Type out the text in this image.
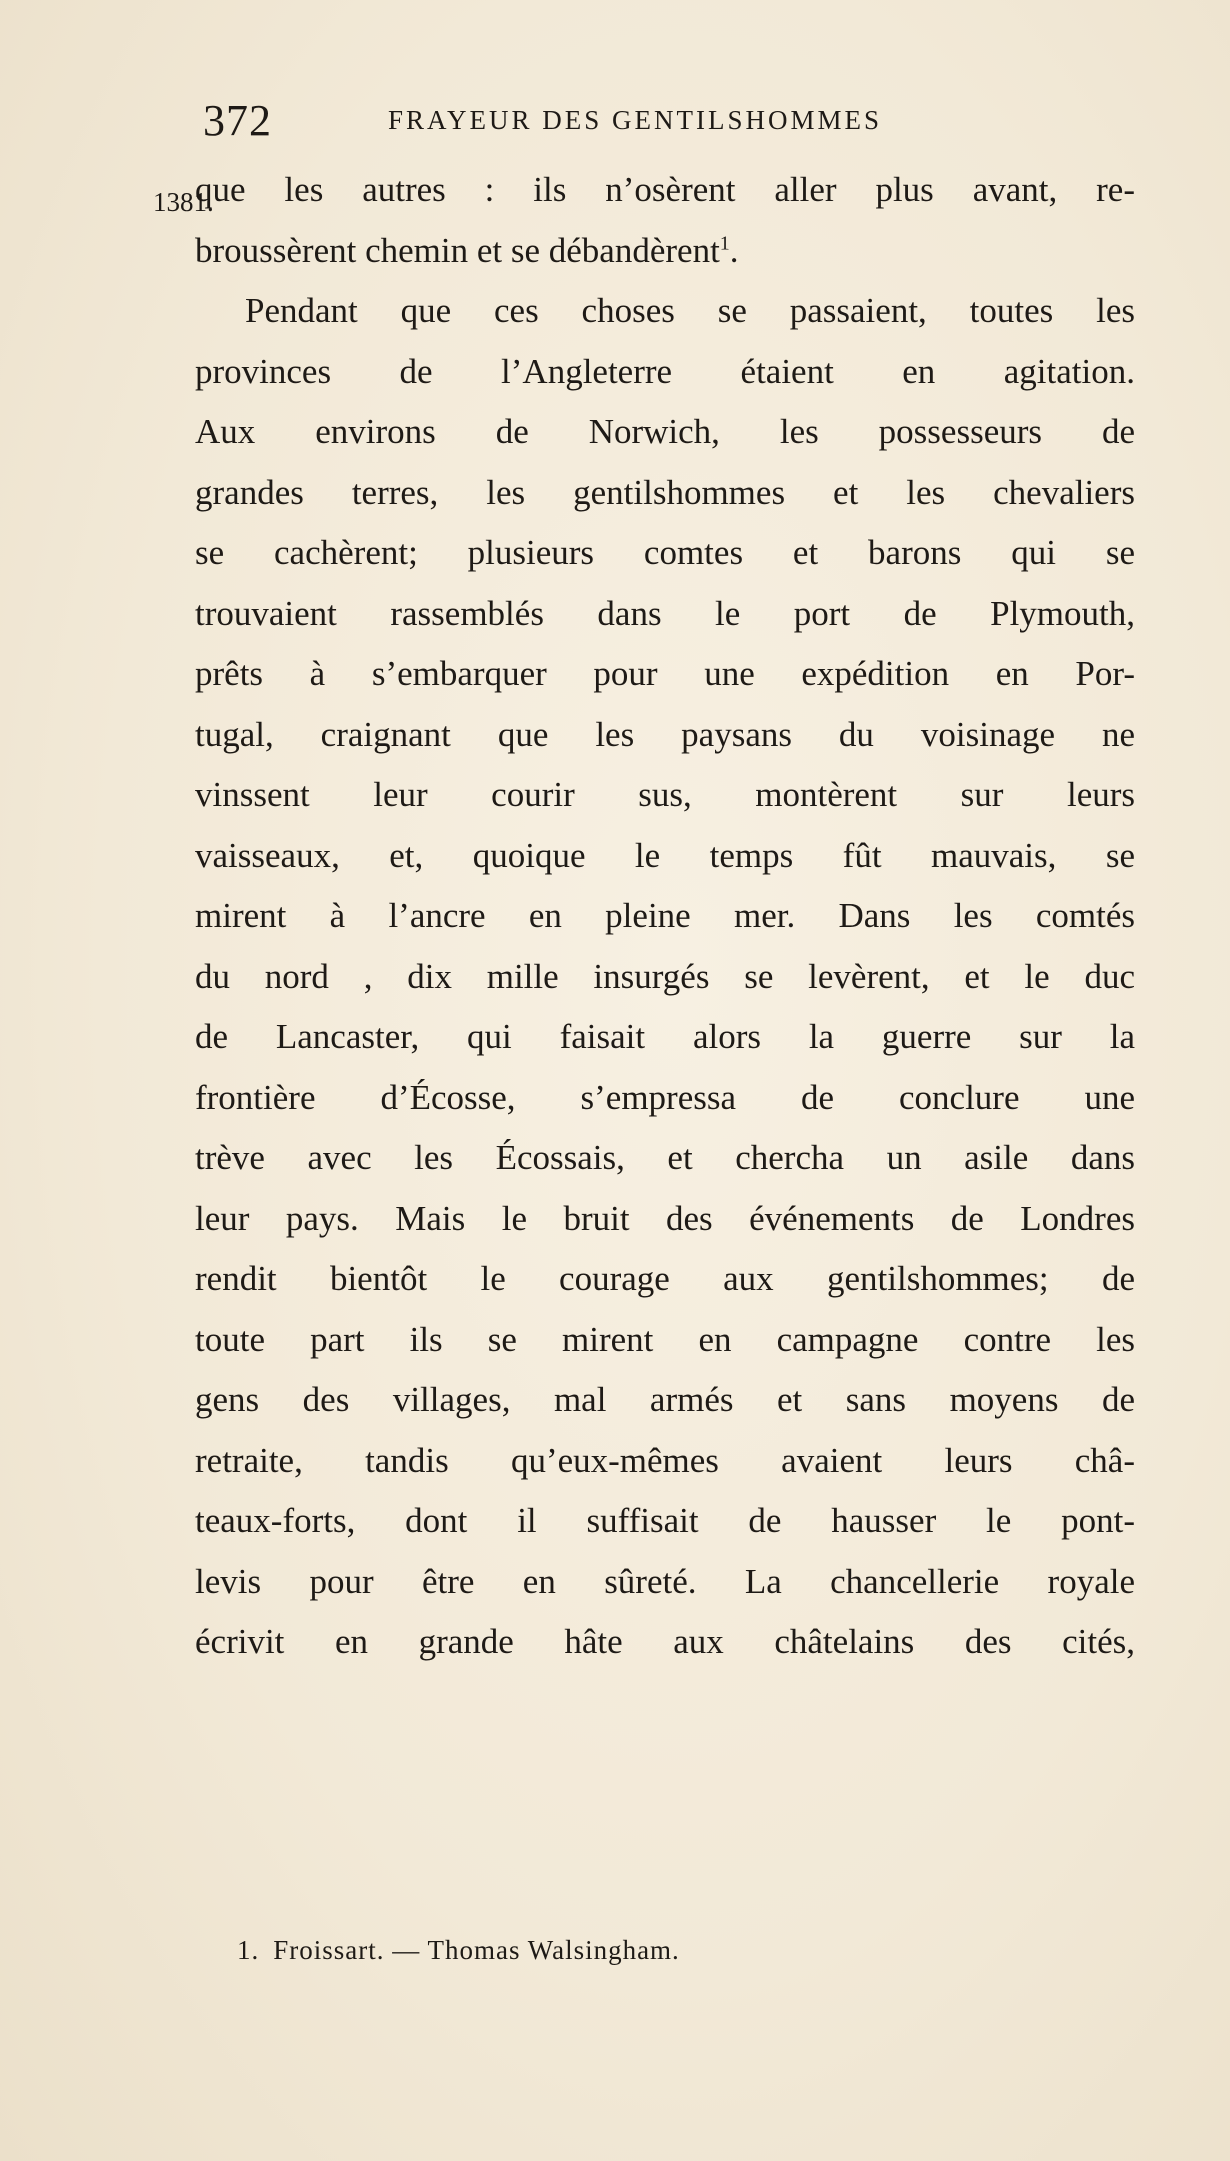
372	FRAYEUR DES GENTILSHOMMES
1381.
que les autres : ils n’osèrent aller plus avant, re-
broussèrent chemin et se débandèrent$^1$.
Pendant que ces choses se passaient, toutes les
provinces de l’Angleterre étaient en agitation.
Aux environs de Norwich, les possesseurs de
grandes terres, les gentilshommes et les chevaliers
se cachèrent; plusieurs comtes et barons qui se
trouvaient rassemblés dans le port de Plymouth,
prêts à s’embarquer pour une expédition en Por-
tugal, craignant que les paysans du voisinage ne
vinssent leur courir sus, montèrent sur leurs
vaisseaux, et, quoique le temps fût mauvais, se
mirent à l’ancre en pleine mer. Dans les comtés
du nord , dix mille insurgés se levèrent, et le duc
de Lancaster, qui faisait alors la guerre sur la
frontière d’Écosse, s’empressa de conclure une
trève avec les Écossais, et chercha un asile dans
leur pays. Mais le bruit des événements de Londres
rendit bientôt le courage aux gentilshommes; de
toute part ils se mirent en campagne contre les
gens des villages, mal armés et sans moyens de
retraite, tandis qu’eux-mêmes avaient leurs châ-
teaux-forts, dont il suffisait de hausser le pont-
levis pour être en sûreté. La chancellerie royale
écrivit en grande hâte aux châtelains des cités,
1. Froissart. — Thomas Walsingham.
